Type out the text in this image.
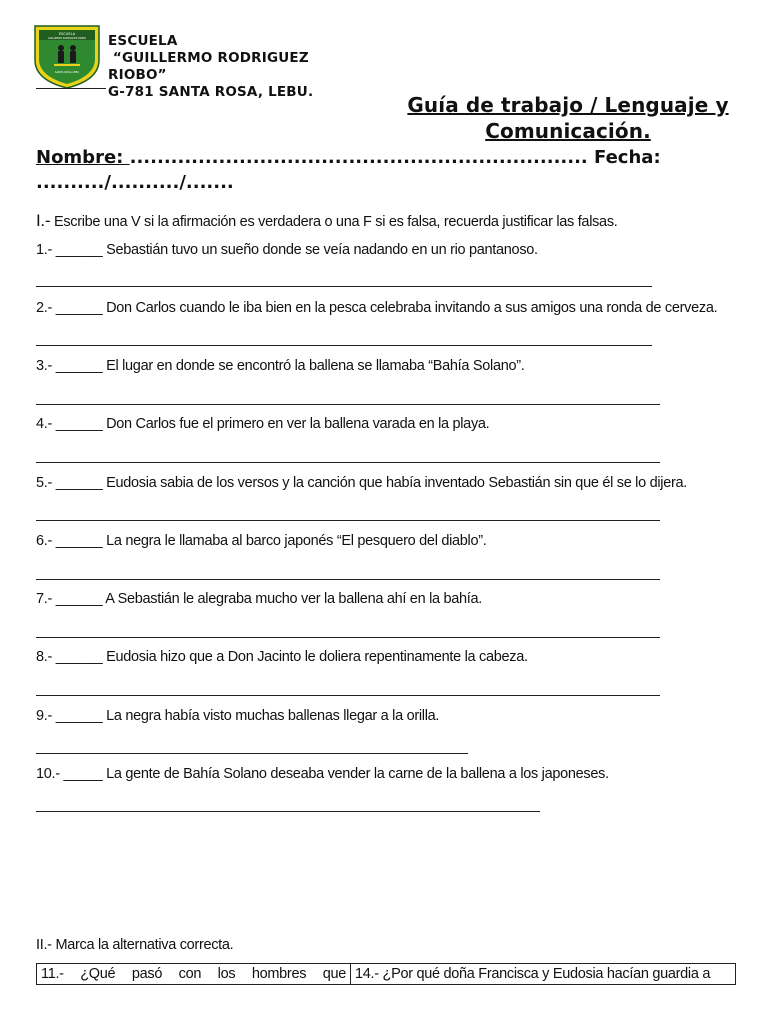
ESCUELA
GUILLERMO RODRIGUEZ RIOBO
SANTA ROSA LEBU
ESCUELA
“GUILLERMO RODRIGUEZ
RIOBO”
G-781 SANTA ROSA, LEBU.
Guía de trabajo / Lenguaje y
Comunicación.
Nombre: ................................................................... Fecha:
........../........../.......
I.- Escribe una V si la afirmación es verdadera o una F si es falsa, recuerda justificar las falsas.
1.- ______ Sebastián tuvo un sueño donde se veía nadando en un rio pantanoso.
2.- ______ Don Carlos cuando le iba bien en la pesca celebraba invitando a sus amigos una ronda de cerveza.
3.- ______ El lugar en donde se encontró la ballena se llamaba “Bahía Solano”.
4.- ______ Don Carlos fue el primero en ver la ballena varada en la playa.
5.- ______ Eudosia sabia de los versos y la canción que había inventado Sebastián sin que él se lo dijera.
6.- ______ La negra le llamaba al barco japonés “El pesquero del diablo”.
7.- ______ A Sebastián le alegraba mucho ver la ballena ahí en la bahía.
8.- ______ Eudosia hizo que a Don Jacinto le doliera repentinamente la cabeza.
9.- ______ La negra había visto muchas ballenas llegar a la orilla.
10.- _____ La gente de Bahía Solano deseaba vender la carne de la ballena a los japoneses.
II.- Marca la alternativa correcta.
11.- ¿Qué pasó con los hombres que 14.- ¿Por qué doña Francisca y Eudosia hacían guardia a
